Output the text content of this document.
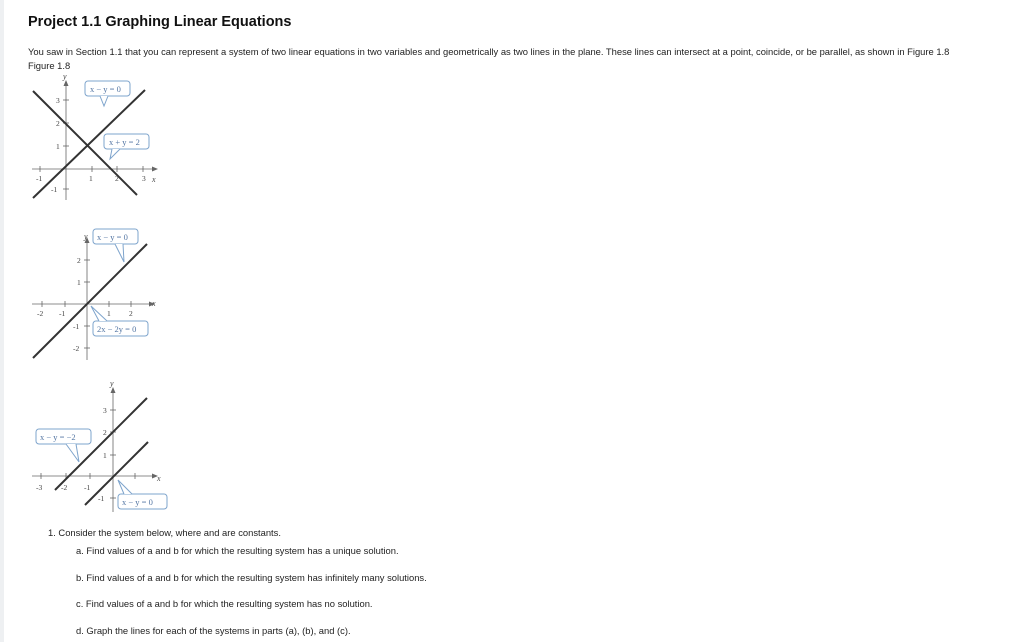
Project 1.1 Graphing Linear Equations

You saw in Section 1.1 that you can represent a system of two linear equations in two variables and geometrically as two lines in the plane. These lines can intersect at a point, coincide, or be parallel, as shown in Figure 1.8

Figure 1.8
y
x
-1	1	2	3
3
2
1
-1
x − y = 0
x + y = 2
y
x
-2 -1	1 2
2
1
-1
-2
x − y = 0
2x − 2y = 0
y
x
-3	-2 -1
3
2
1
-1
x − y = −2
x − y = 0
1. Consider the system below, where and are constants.
a. Find values of a and b for which the resulting system has a unique solution.
b. Find values of a and b for which the resulting system has infinitely many solutions.
c. Find values of a and b for which the resulting system has no solution.
d. Graph the lines for each of the systems in parts (a), (b), and (c).
